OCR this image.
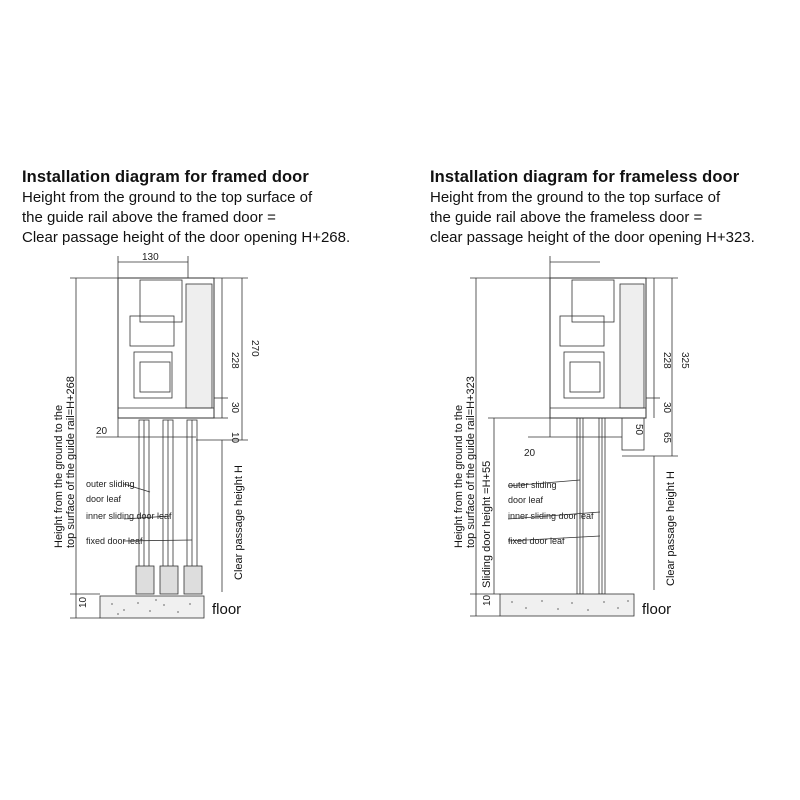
Installation diagram for framed door
Height from the ground to the top surface of
the guide rail above the framed door =
Clear passage height of the door opening H+268.
130
228
270
30
10
20
10
outer sliding
door leaf
inner sliding door leaf
fixed door leaf
Height from the ground to the top surface of the guide rail=H+268	Clear passage height H
floor
Installation diagram for frameless door
Height from the ground to the top surface of
the guide rail above the frameless door =
clear passage height of the door opening H+323.
228 325
30
65
50
20
10
outer sliding
door leaf
inner sliding door leaf
fixed door leaf
Height from the ground to the top surface of the guide rail=H+323 Sliding door height =H+55	Clear passage height H
floor
